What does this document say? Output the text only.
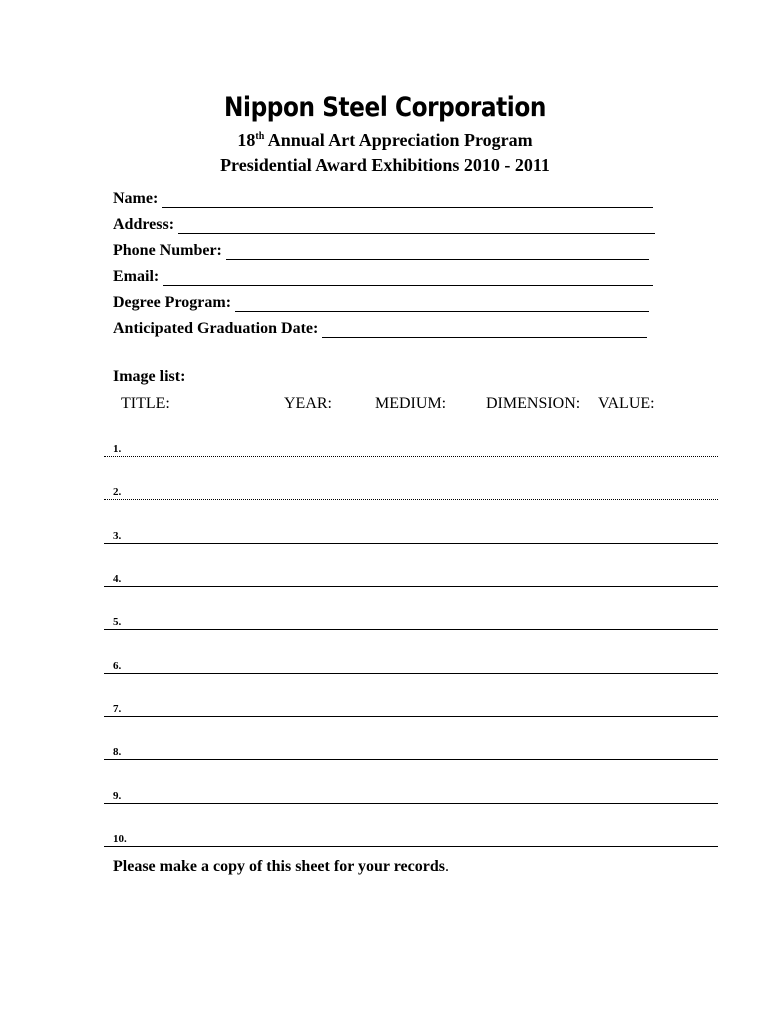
Nippon Steel Corporation
18th Annual Art Appreciation Program
Presidential Award Exhibitions 2010 - 2011
Name:
Address:
Phone Number:
Email:
Degree Program:
Anticipated Graduation Date:
Image list:
TITLE:	YEAR:	MEDIUM: DIMENSION: VALUE:
1.
2.
3.
4.
5.
6.
7.
8.
9.
10.
Please make a copy of this sheet for your records.
